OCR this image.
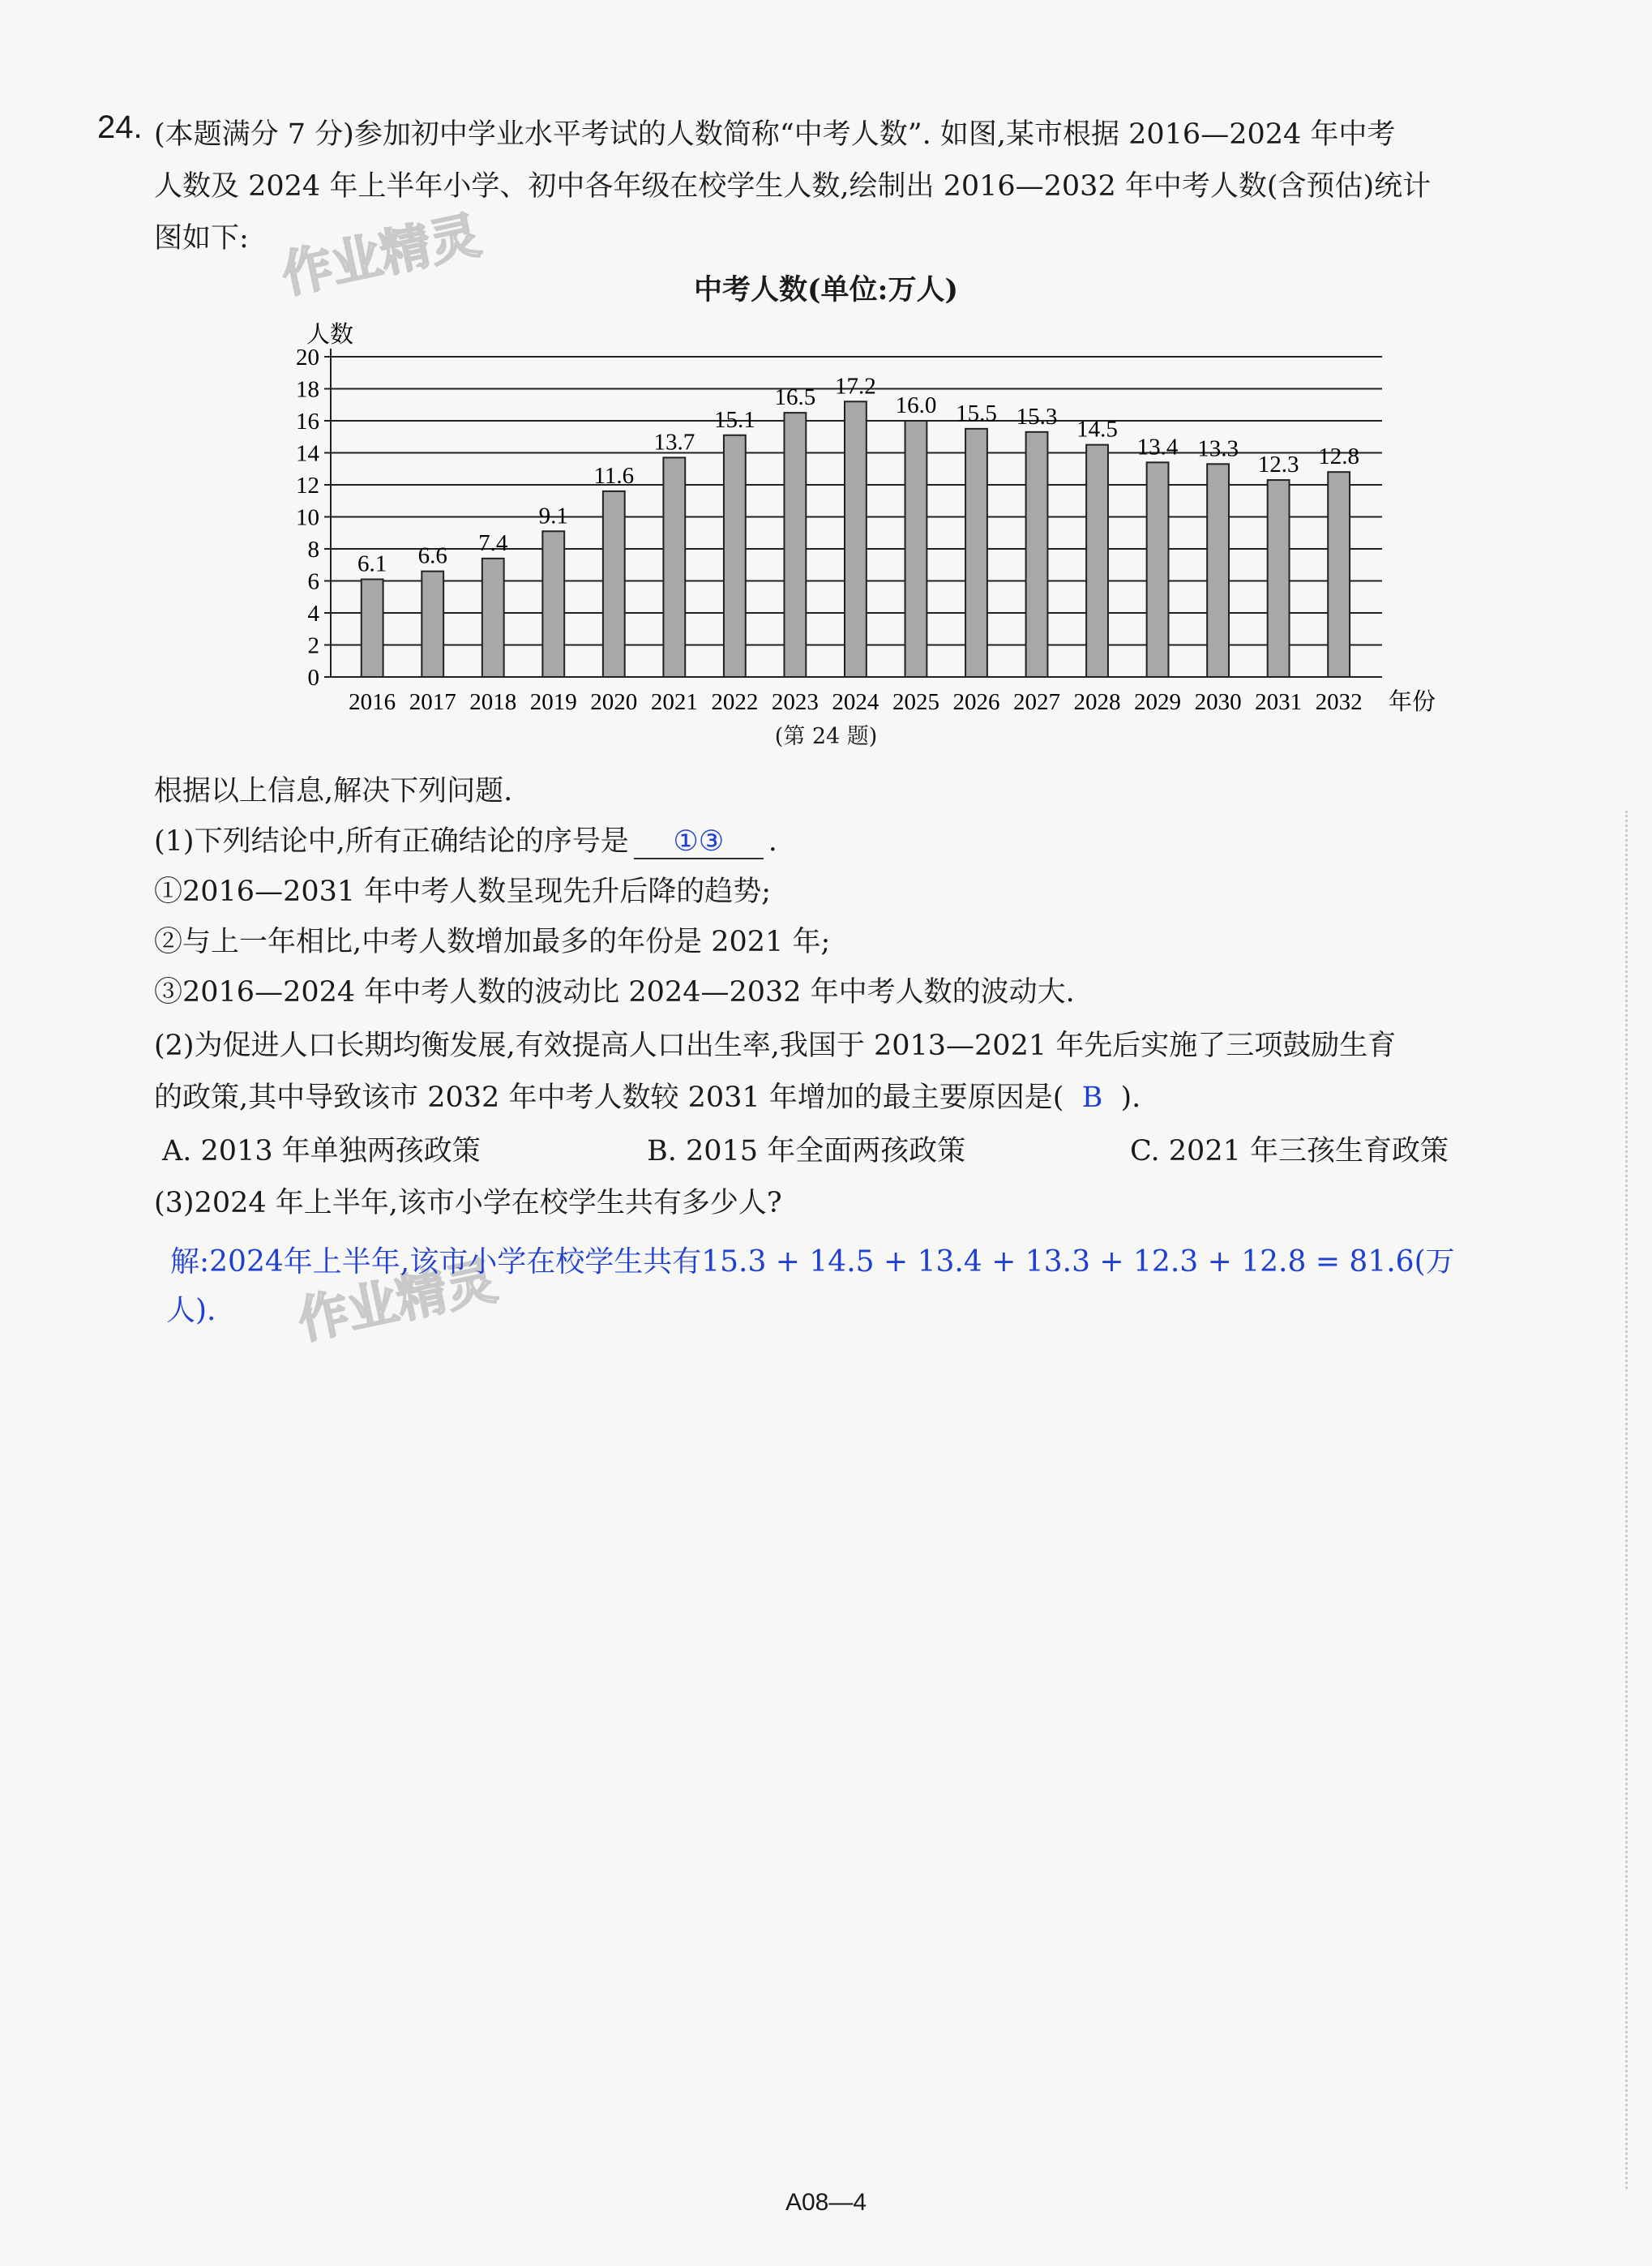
作业精灵
作业精灵
24. (本题满分 7 分)参加初中学业水平考试的人数简称“中考人数”. 如图,某市根据 2016—2024 年中考
人数及 2024 年上半年小学、初中各年级在校学生人数,绘制出 2016—2032 年中考人数(含预估)统计
图如下:
中考人数(单位:万人)
0
2
4
6
8
10
12
14
16
18
20
人数
6.1
2016
6.6
2017
7.4
2018
9.1
2019
11.6
2020
13.7
2021
15.1
2022
16.5
2023
17.2
2024
16.0
2025
15.5
2026
15.3
2027
14.5
2028
13.4
2029
13.3
2030
12.3
2031
12.8
2032 年份
(第 24 题)
根据以上信息,解决下列问题.
(1)下列结论中,所有正确结论的序号是 ①③ .
①2016—2031 年中考人数呈现先升后降的趋势;
②与上一年相比,中考人数增加最多的年份是 2021 年;
③2016—2024 年中考人数的波动比 2024—2032 年中考人数的波动大.
(2)为促进人口长期均衡发展,有效提高人口出生率,我国于 2013—2021 年先后实施了三项鼓励生育
的政策,其中导致该市 2032 年中考人数较 2031 年增加的最主要原因是( B ).
A. 2013 年单独两孩政策	B. 2015 年全面两孩政策	C. 2021 年三孩生育政策
(3)2024 年上半年,该市小学在校学生共有多少人?
解:2024年上半年,该市小学在校学生共有15.3 + 14.5 + 13.4 + 13.3 + 12.3 + 12.8 = 81.6(万
人).
A08—4
